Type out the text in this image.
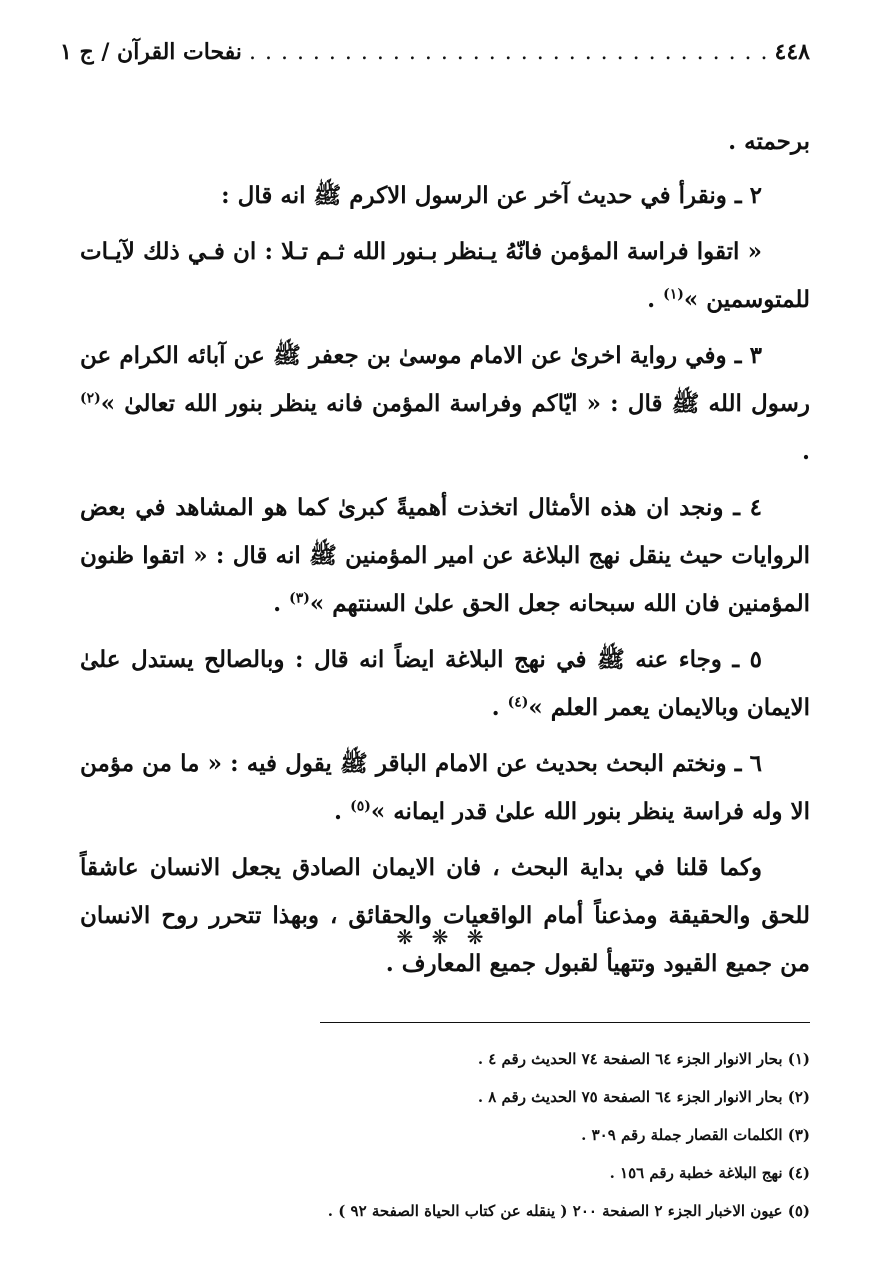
٤٤٨
. . .
نفحات القرآن / ج ١

برحمته .

٢ ـ ونقرأ في حديث آخر عن الرسول الاكرم ﷺ انه قال :

« اتقوا فراسة المؤمن فانّهُ يـنظر بـنور الله ثـم تـلا : ان فـي ذلك لآيـات للمتوسمين »$^{(١)}$ .

٣ ـ وفي رواية اخرىٰ عن الامام موسىٰ بن جعفر ﷺ عن آبائه الكرام عن رسول الله ﷺ قال : « ايّاكم وفراسة المؤمن فانه ينظر بنور الله تعالىٰ »$^{(٢)}$ .

٤ ـ ونجد ان هذه الأمثال اتخذت أهميةً كبرىٰ كما هو المشاهد في بعض الروايات حيث ينقل نهج البلاغة عن امير المؤمنين ﷺ انه قال : « اتقوا ظنون المؤمنين فان الله سبحانه جعل الحق علىٰ السنتهم »$^{(٣)}$ .

٥ ـ وجاء عنه ﷺ في نهج البلاغة ايضاً انه قال : وبالصالح يستدل علىٰ الايمان وبالايمان يعمر العلم »$^{(٤)}$ .

٦ ـ ونختم البحث بحديث عن الامام الباقر ﷺ يقول فيه : « ما من مؤمن الا وله فراسة ينظر بنور الله علىٰ قدر ايمانه »$^{(٥)}$ .

وكما قلنا في بداية البحث ، فان الايمان الصادق يجعل الانسان عاشقاً للحق والحقيقة ومذعناً أمام الواقعيات والحقائق ، وبهذا تتحرر روح الانسان من جميع القيود وتتهيأ لقبول جميع المعارف .

❋ ❋ ❋
(١) بحار الانوار الجزء ٦٤ الصفحة ٧٤ الحديث رقم ٤ .
(٢) بحار الانوار الجزء ٦٤ الصفحة ٧٥ الحديث رقم ٨ .
(٣) الكلمات القصار جملة رقم ٣٠٩ .
(٤) نهج البلاغة خطبة رقم ١٥٦ .
(٥) عيون الاخبار الجزء ٢ الصفحة ٢٠٠ ( ينقله عن كتاب الحياة الصفحة ٩٢ ) .
